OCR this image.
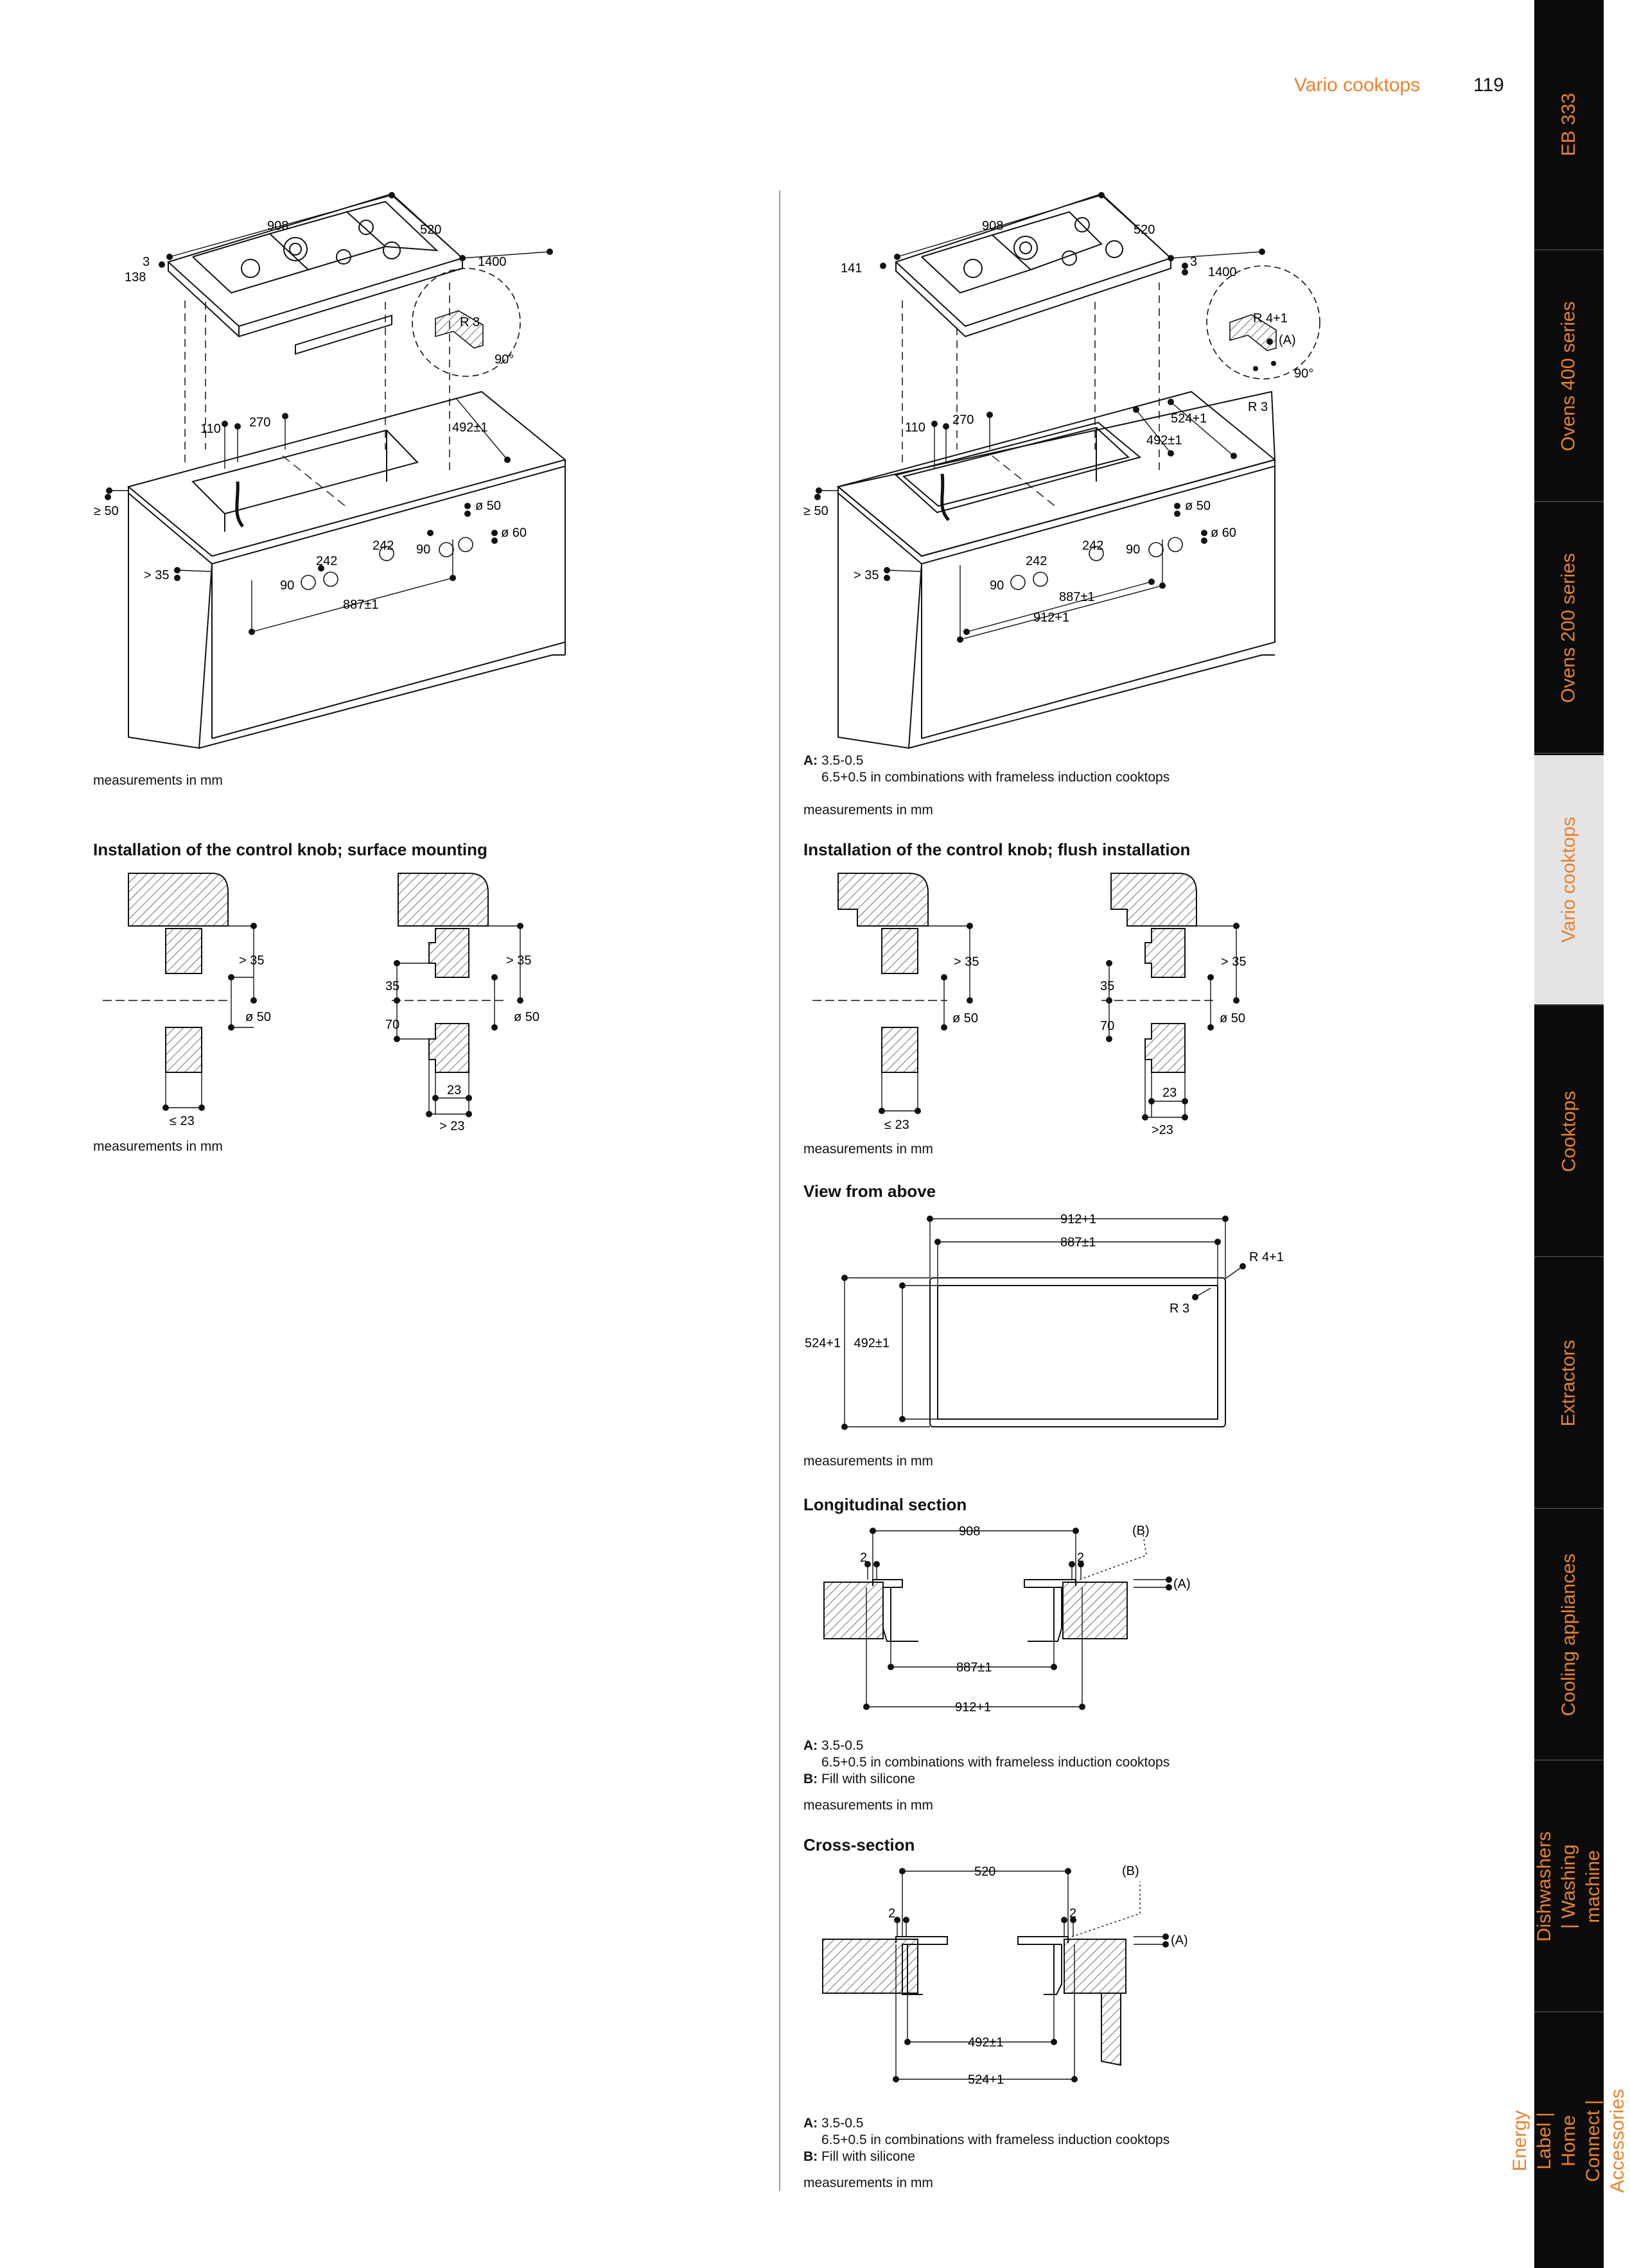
Vario cooktops	119
EB 333
Ovens 400 series
Ovens 200 series
Vario cooktops
Cooktops
Extractors
Cooling appliances
Dishwashers | Washing machine
Energy Label | Home Connect | Accessories
908	520
3
138
1400
R 3
90°
110 270	492±1
≥ 50
> 35
242
242
90
90
ø 50
ø 60
887±1
measurements in mm
Installation of the control knob; surface mounting
> 35
ø 50
≤ 23
> 35
ø 50
35
70
23
> 23
measurements in mm
908	520
141	3
1400
R 4+1
(A)
90°
R 3
110
270	524+1
492±1
≥ 50
> 35
242
242
90
90
ø 50
ø 60
887±1
912+1
A: 3.5-0.5
6.5+0.5 in combinations with frameless induction cooktops
measurements in mm
Installation of the control knob; flush installation
> 35
ø 50
≤ 23
> 35
ø 50
35
70
23
>23
measurements in mm
View from above
912+1
887±1
R 4+1
R 3
524+1 492±1
measurements in mm
Longitudinal section
908	(B)
2	2
(A)
887±1
912+1
A: 3.5-0.5
6.5+0.5 in combinations with frameless induction cooktops
B: Fill with silicone
measurements in mm
Cross-section
520	(B)
2	2
(A)
492±1
524+1
A: 3.5-0.5
6.5+0.5 in combinations with frameless induction cooktops
B: Fill with silicone
measurements in mm
